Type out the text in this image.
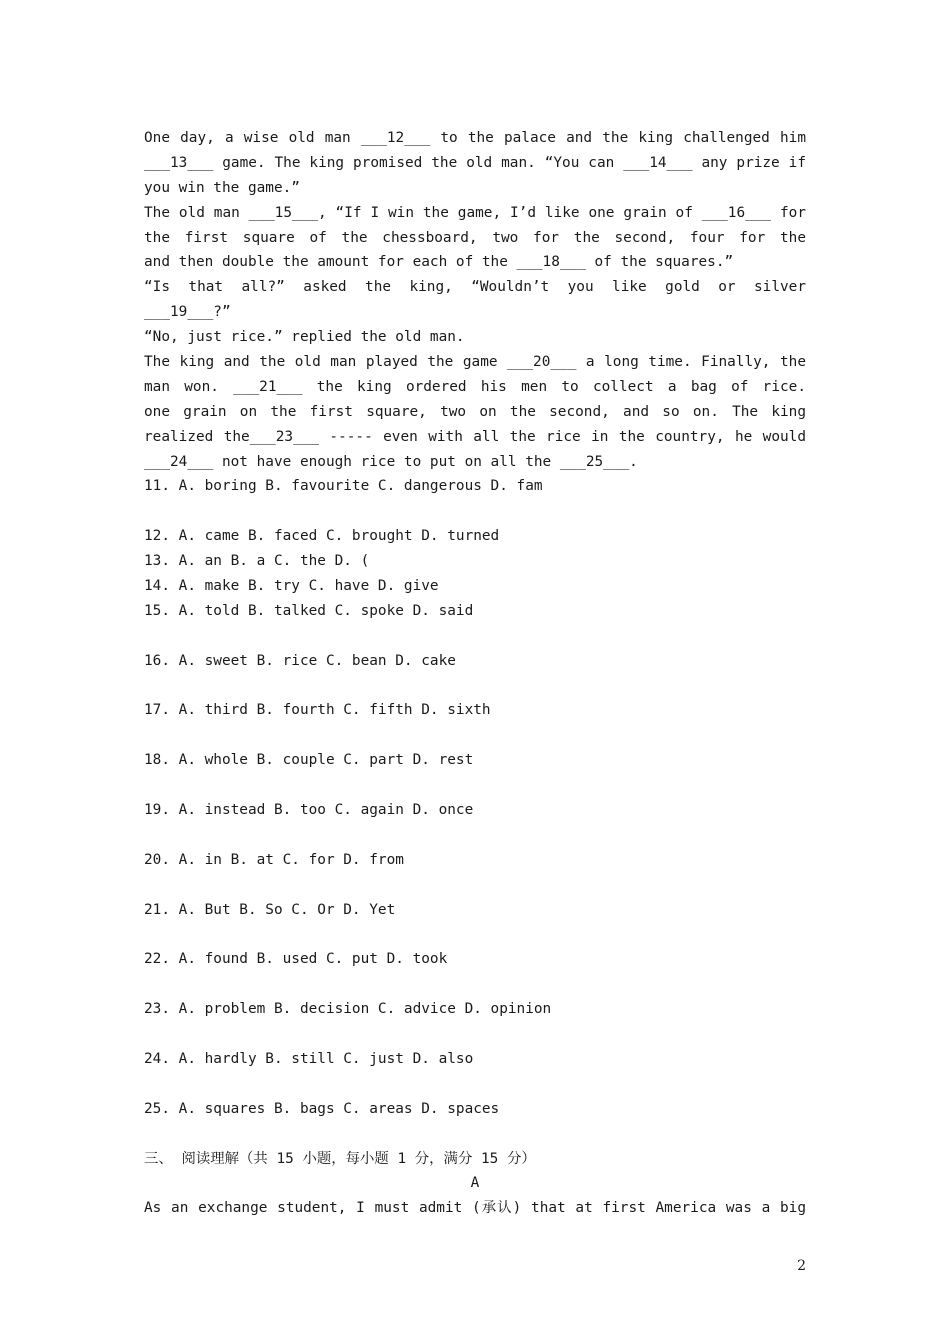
One day, a wise old man ___12___ to the palace and the king challenged him
___13___ game. The king promised the old man. “You can ___14___ any prize if
you win the game.”
The old man ___15___, “If I win the game, I’d like one grain of ___16___ for
the first square of the chessboard, two for the second, four for the
and then double the amount for each of the ___18___ of the squares.”
“Is that all?” asked the king, “Wouldn’t you like gold or silver
___19___?”
“No, just rice.” replied the old man.
The king and the old man played the game ___20___ a long time. Finally, the
man won. ___21___ the king ordered his men to collect a bag of rice.
one grain on the first square, two on the second, and so on. The king
realized the___23___ ----- even with all the rice in the country, he would
___24___ not have enough rice to put on all the ___25___.
11. A. boring B. favourite C. dangerous D. fam
12. A. came B. faced C. brought D. turned
13. A. an B. a C. the D. (
14. A. make B. try C. have D. give
15. A. told B. talked C. spoke D. said
16. A. sweet B. rice C. bean D. cake
17. A. third B. fourth C. fifth D. sixth
18. A. whole B. couple C. part D. rest
19. A. instead B. too C. again D. once
20. A. in B. at C. for D. from
21. A. But B. So C. Or D. Yet
22. A. found B. used C. put D. took
23. A. problem B. decision C. advice D. opinion
24. A. hardly B. still C. just D. also
25. A. squares B. bags C. areas D. spaces
三、 阅读理解（共 15 小题，每小题 1 分，满分 15 分）
A
As an exchange student, I must admit (承认) that at first America was a big
2
